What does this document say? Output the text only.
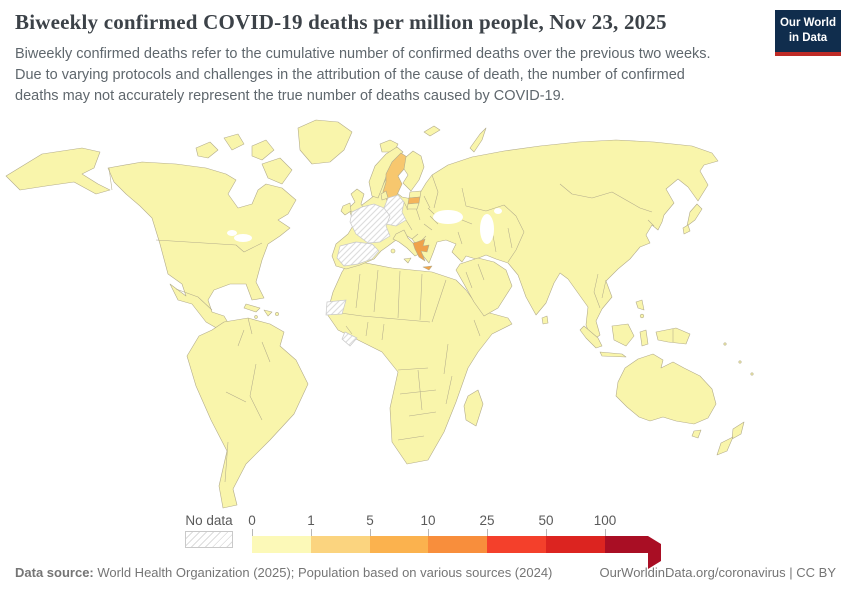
Biweekly confirmed COVID-19 deaths per million people, Nov 23, 2025
Biweekly confirmed deaths refer to the cumulative number of confirmed deaths over the previous two weeks. Due to varying protocols and challenges in the attribution of the cause of death, the number of confirmed deaths may not accurately represent the true number of deaths caused by COVID-19.
Our World
in Data
No data 0	1	5	10	25	50	100
Data source: World Health Organization (2025); Population based on various sources (2024)	OurWorldinData.org/coronavirus | CC BY
